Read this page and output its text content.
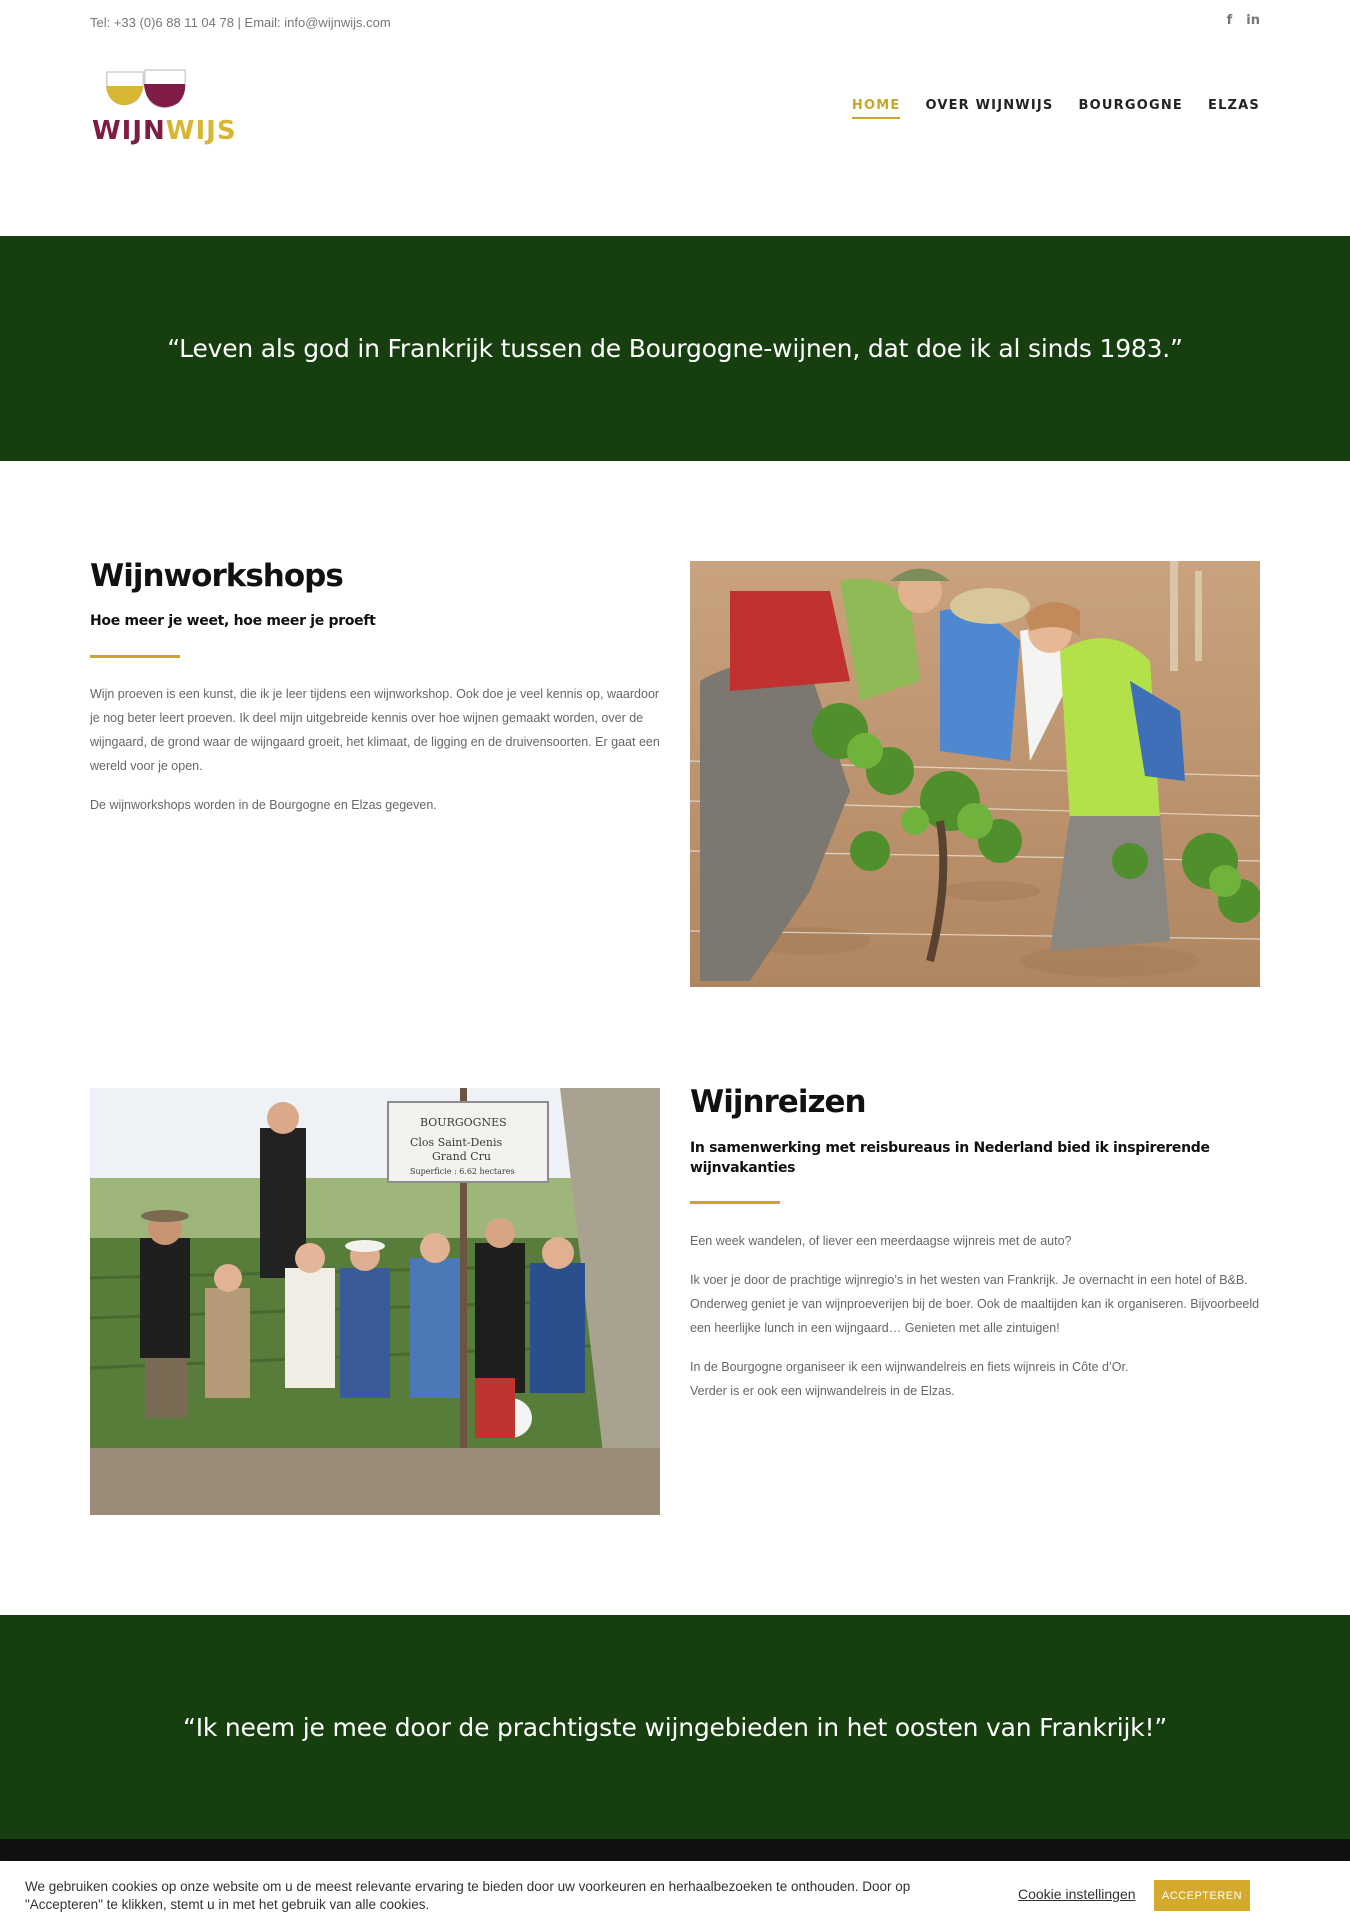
Tel: +33 (0)6 88 11 04 78 | Email: info@wijnwijs.com	f in
WIJNWIJS
HOME OVER WIJNWIJS BOURGOGNE ELZAS

“Leven als god in Frankrijk tussen de Bourgogne-wijnen, dat doe ik al sinds 1983.”

Wijnworkshops
Hoe meer je weet, hoe meer je proeft

Wijn proeven is een kunst, die ik je leer tijdens een wijnworkshop. Ook doe je veel kennis op, waardoor je nog beter leert proeven. Ik deel mijn uitgebreide kennis over hoe wijnen gemaakt worden, over de wijngaard, de grond waar de wijngaard groeit, het klimaat, de ligging en de druivensoorten. Er gaat een wereld voor je open.

De wijnworkshops worden in de Bourgogne en Elzas gegeven.

BOURGOGNES
Clos Saint-Denis
Grand Cru
Superficie : 6.62 hectares
Wijnreizen
In samenwerking met reisbureaus in Nederland bied ik inspirerende wijnvakanties

Een week wandelen, of liever een meerdaagse wijnreis met de auto?

Ik voer je door de prachtige wijnregio’s in het westen van Frankrijk. Je overnacht in een hotel of B&B. Onderweg geniet je van wijnproeverijen bij de boer. Ook de maaltijden kan ik organiseren. Bijvoorbeeld een heerlijke lunch in een wijngaard… Genieten met alle zintuigen!

In de Bourgogne organiseer ik een wijnwandelreis en fiets wijnreis in Côte d’Or.

Verder is er ook een wijnwandelreis in de Elzas.

“Ik neem je mee door de prachtigste wijngebieden in het oosten van Frankrijk!”

We gebruiken cookies op onze website om u de meest relevante ervaring te bieden door uw voorkeuren en herhaalbezoeken te onthouden. Door op "Accepteren" te klikken, stemt u in met het gebruik van alle cookies.
Cookie instellingen	ACCEPTEREN
